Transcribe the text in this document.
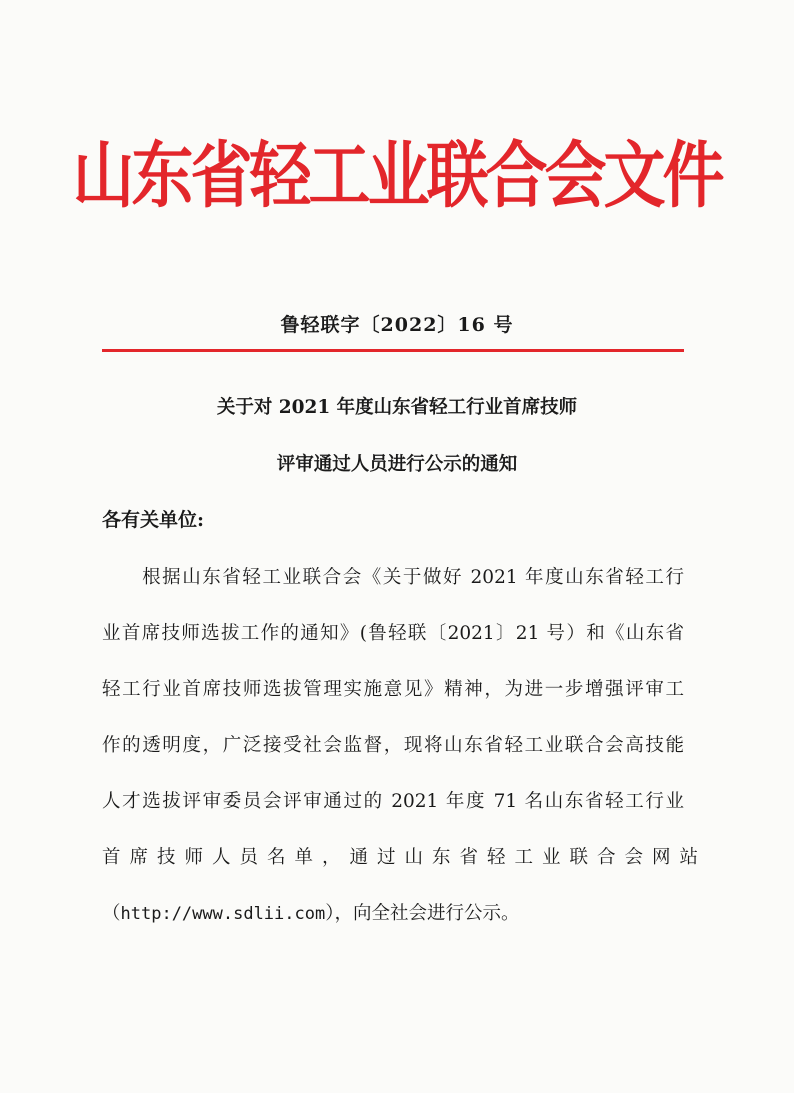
山东省轻工业联合会文件
鲁轻联字〔2022〕16 号
关于对 2021 年度山东省轻工行业首席技师
评审通过人员进行公示的通知
各有关单位:
　　根据山东省轻工业联合会《关于做好 2021 年度山东省轻工行
业首席技师选拔工作的通知》(鲁轻联〔2021〕21 号）和《山东省
轻工行业首席技师选拔管理实施意见》精神，为进一步增强评审工
作的透明度，广泛接受社会监督，现将山东省轻工业联合会高技能
人才选拔评审委员会评审通过的 2021 年度 71 名山东省轻工行业
首席技师人员名单，通过山东省轻工业联合会网站
（http://www.sdlii.com），向全社会进行公示。
